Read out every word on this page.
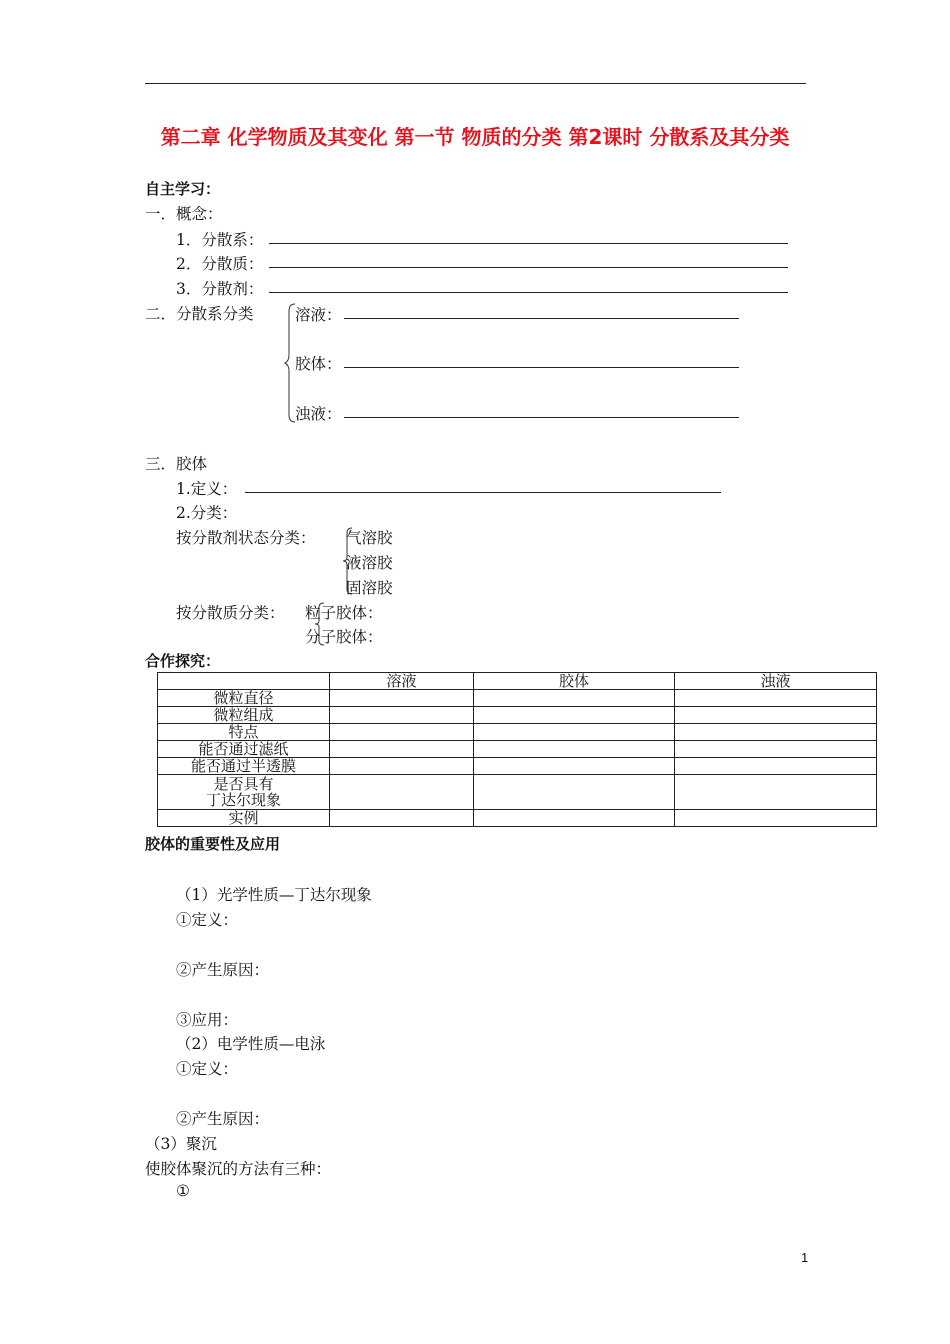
第二章 化学物质及其变化 第一节 物质的分类 第2课时 分散系及其分类
自主学习：
一．概念：
1．分散系：
2．分散质：
3．分散剂：
二．分散系分类	溶液：
胶体：
浊液：
三．胶体
1.定义：
2.分类：
按分散剂状态分类： 气溶胶
液溶胶
固溶胶
按分散质分类： 粒子胶体：
分子胶体：
合作探究：
	溶液	胶体	浊液
微粒直径			
微粒组成			
特点			
能否通过滤纸			
能否通过半透膜			

是否具有
丁达尔现象			

实例			
胶体的重要性及应用
（1）光学性质—丁达尔现象
①定义：
②产生原因：
③应用：
（2）电学性质—电泳
①定义：
②产生原因：
（3）聚沉
使胶体聚沉的方法有三种：
①
1
